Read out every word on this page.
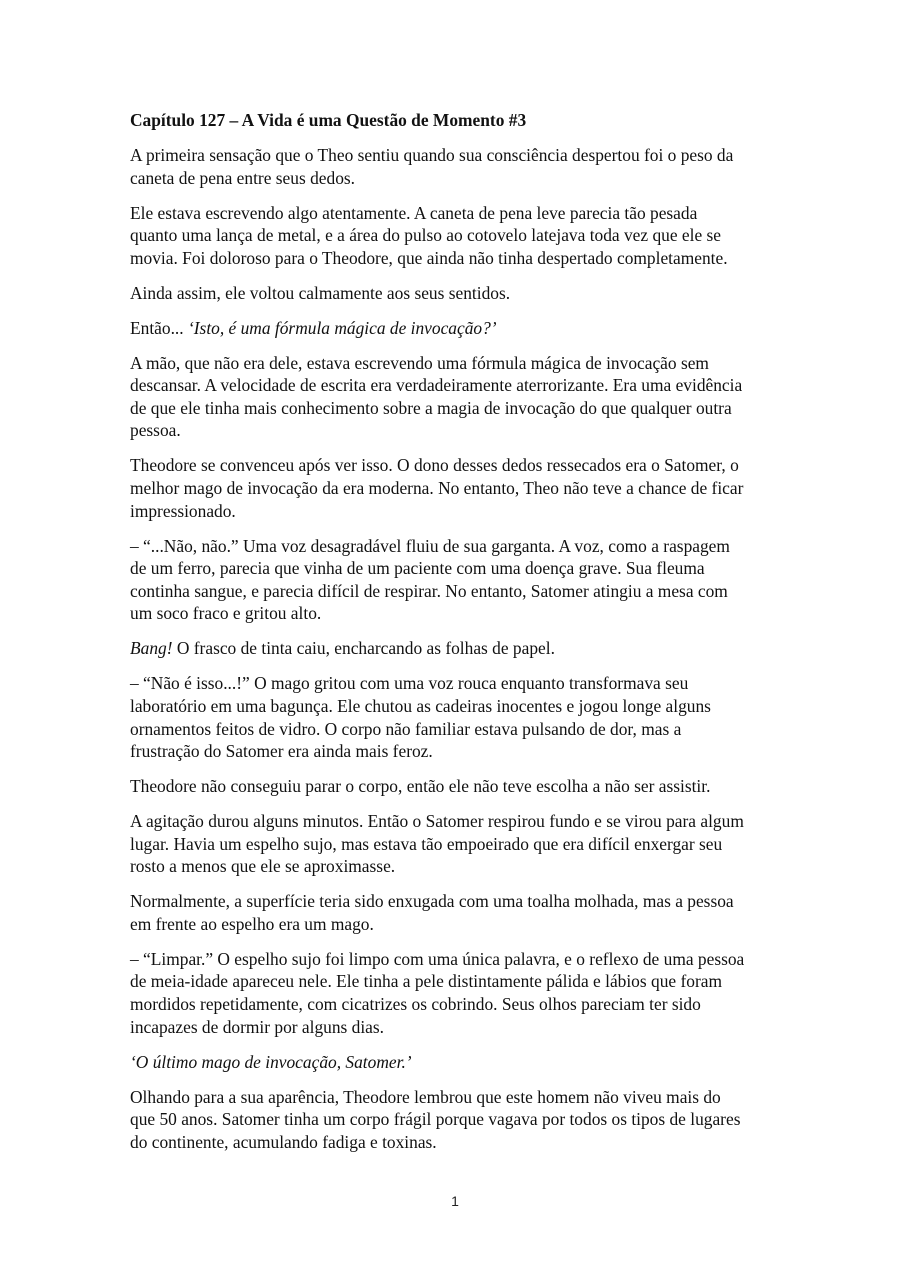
Capítulo 127 – A Vida é uma Questão de Momento #3
A primeira sensação que o Theo sentiu quando sua consciência despertou foi o peso da
caneta de pena entre seus dedos.
Ele estava escrevendo algo atentamente. A caneta de pena leve parecia tão pesada
quanto uma lança de metal, e a área do pulso ao cotovelo latejava toda vez que ele se
movia. Foi doloroso para o Theodore, que ainda não tinha despertado completamente.
Ainda assim, ele voltou calmamente aos seus sentidos.
Então... ‘Isto, é uma fórmula mágica de invocação?’
A mão, que não era dele, estava escrevendo uma fórmula mágica de invocação sem
descansar. A velocidade de escrita era verdadeiramente aterrorizante. Era uma evidência
de que ele tinha mais conhecimento sobre a magia de invocação do que qualquer outra
pessoa.
Theodore se convenceu após ver isso. O dono desses dedos ressecados era o Satomer, o
melhor mago de invocação da era moderna. No entanto, Theo não teve a chance de ficar
impressionado.
– “...Não, não.” Uma voz desagradável fluiu de sua garganta. A voz, como a raspagem
de um ferro, parecia que vinha de um paciente com uma doença grave. Sua fleuma
continha sangue, e parecia difícil de respirar. No entanto, Satomer atingiu a mesa com
um soco fraco e gritou alto.
Bang! O frasco de tinta caiu, encharcando as folhas de papel.
– “Não é isso...!” O mago gritou com uma voz rouca enquanto transformava seu
laboratório em uma bagunça. Ele chutou as cadeiras inocentes e jogou longe alguns
ornamentos feitos de vidro. O corpo não familiar estava pulsando de dor, mas a
frustração do Satomer era ainda mais feroz.
Theodore não conseguiu parar o corpo, então ele não teve escolha a não ser assistir.
A agitação durou alguns minutos. Então o Satomer respirou fundo e se virou para algum
lugar. Havia um espelho sujo, mas estava tão empoeirado que era difícil enxergar seu
rosto a menos que ele se aproximasse.
Normalmente, a superfície teria sido enxugada com uma toalha molhada, mas a pessoa
em frente ao espelho era um mago.
– “Limpar.” O espelho sujo foi limpo com uma única palavra, e o reflexo de uma pessoa
de meia-idade apareceu nele. Ele tinha a pele distintamente pálida e lábios que foram
mordidos repetidamente, com cicatrizes os cobrindo. Seus olhos pareciam ter sido
incapazes de dormir por alguns dias.
‘O último mago de invocação, Satomer.’
Olhando para a sua aparência, Theodore lembrou que este homem não viveu mais do
que 50 anos. Satomer tinha um corpo frágil porque vagava por todos os tipos de lugares
do continente, acumulando fadiga e toxinas.
1
